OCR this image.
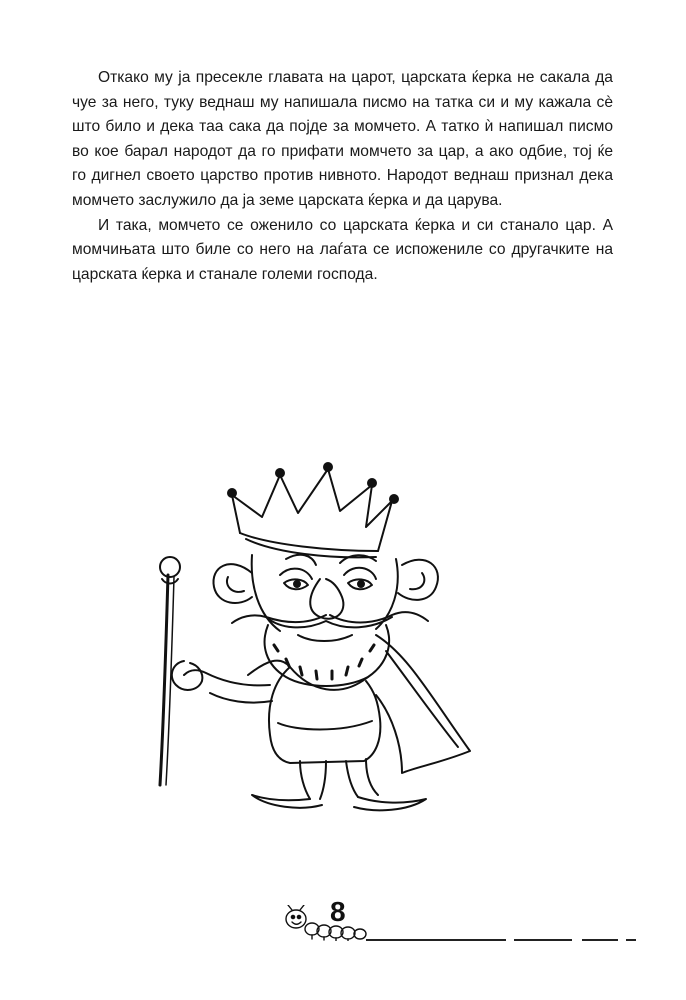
Откако му ја пресекле главата на царот, царската ќерка не сакала да чуе за него, туку веднаш му напишала писмо на татка си и му кажала сè што било и дека таа сака да појде за момчето. А татко ѝ напишал писмо во кое барал народот да го прифати момчето за цар, а ако одбие, тој ќе го дигнел своето царство против нивното. Народот веднаш признал дека момчето заслужило да ја земе царската ќерка и да царува.

И така, момчето се оженило со царската ќерка и си станало цар. А момчињата што биле со него на лаѓата се испожениле со другачките на царската ќерка и станале големи господа.

8
